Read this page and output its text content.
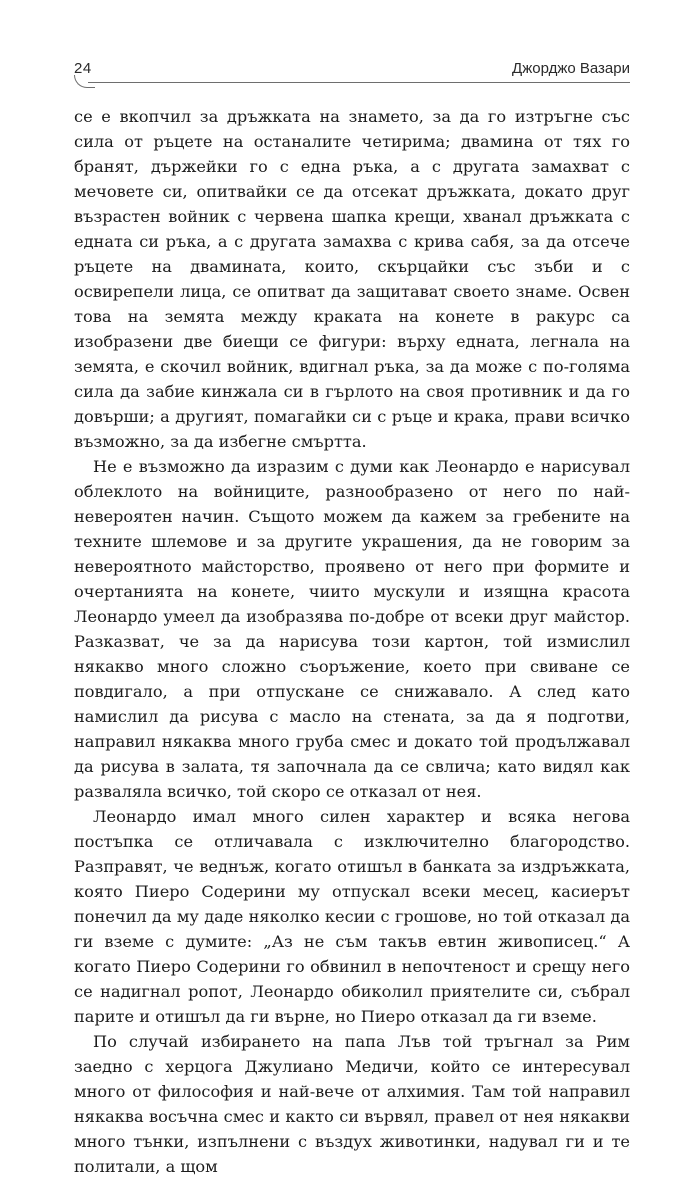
24	Джорджо Вазари

се е вкопчил за дръжката на знамето, за да го изтръгне със сила от ръцете на останалите четирима; двамина от тях го бранят, държейки го с една ръка, а с другата замахват с мечовете си, опитвайки се да отсекат дръжката, докато друг възрастен войник с червена шапка крещи, хванал дръжката с едната си ръка, а с другата замахва с крива сабя, за да отсече ръцете на двамината, които, скърцайки със зъби и с освирепели лица, се опитват да защитават своето знаме. Освен това на земята между краката на конете в ракурс са изобразени две биещи се фигури: върху едната, легнала на земята, е скочил войник, вдигнал ръка, за да може с по-голяма сила да забие кинжала си в гърлото на своя противник и да го довърши; а другият, помагайки си с ръце и крака, прави всичко възможно, за да избегне смъртта.

Не е възможно да изразим с думи как Леонардо е нарисувал облеклото на войниците, разнообразено от него по най-невероятен начин. Същото можем да кажем за гребените на техните шлемове и за другите украшения, да не говорим за невероятното майсторство, проявено от него при формите и очертанията на конете, чиито мускули и изящна красота Леонардо умеел да изобразява по-добре от всеки друг майстор. Разказват, че за да нарисува този картон, той измислил някакво много сложно съоръжение, което при свиване се повдигало, а при отпускане се снижавало. А след като намислил да рисува с масло на стената, за да я подготви, направил някаква много груба смес и докато той продължавал да рисува в залата, тя започнала да се свлича; като видял как разваляла всичко, той скоро се отказал от нея.

Леонардо имал много силен характер и всяка негова постъпка се отличавала с изключително благородство. Разправят, че веднъж, когато отишъл в банката за издръжката, която Пиеро Содерини му отпускал всеки месец, касиерът понечил да му даде няколко кесии с грошове, но той отказал да ги вземе с думите: „Аз не съм такъв евтин живописец.“ А когато Пиеро Содерини го обвинил в непочтеност и срещу него се надигнал ропот, Леонардо обиколил приятелите си, събрал парите и отишъл да ги върне, но Пиеро отказал да ги вземе.

По случай избирането на папа Лъв той тръгнал за Рим заедно с херцога Джулиано Медичи, който се интересувал много от философия и най-вече от алхимия. Там той направил някаква восъчна смес и както си вървял, правел от нея някакви много тънки, изпълнени с въздух животинки, надувал ги и те политали, а щом
